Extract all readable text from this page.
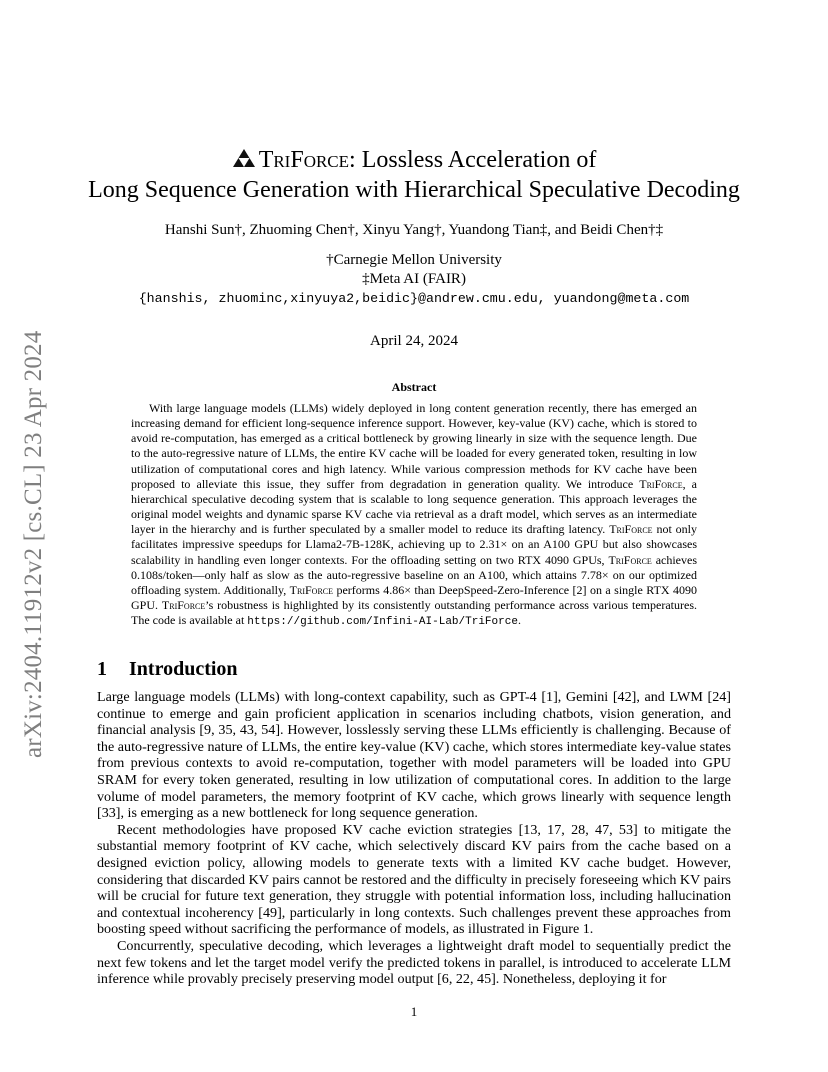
arXiv:2404.11912v2 [cs.CL] 23 Apr 2024
TriForce: Lossless Acceleration of
Long Sequence Generation with Hierarchical Speculative Decoding
Hanshi Sun†, Zhuoming Chen†, Xinyu Yang†, Yuandong Tian‡, and Beidi Chen†‡
†Carnegie Mellon University
‡Meta AI (FAIR)
{hanshis, zhuominc,xinyuya2,beidic}@andrew.cmu.edu, yuandong@meta.com
April 24, 2024
Abstract

With large language models (LLMs) widely deployed in long content generation recently, there has emerged an increasing demand for efficient long-sequence inference support. However, key-value (KV) cache, which is stored to avoid re-computation, has emerged as a critical bottleneck by growing linearly in size with the sequence length. Due to the auto-regressive nature of LLMs, the entire KV cache will be loaded for every generated token, resulting in low utilization of computational cores and high latency. While various compression methods for KV cache have been proposed to alleviate this issue, they suffer from degradation in generation quality. We introduce TriForce, a hierarchical speculative decoding system that is scalable to long sequence generation. This approach leverages the original model weights and dynamic sparse KV cache via retrieval as a draft model, which serves as an intermediate layer in the hierarchy and is further speculated by a smaller model to reduce its drafting latency. TriForce not only facilitates impressive speedups for Llama2-7B-128K, achieving up to 2.31× on an A100 GPU but also showcases scalability in handling even longer contexts. For the offloading setting on two RTX 4090 GPUs, TriForce achieves 0.108s/token—only half as slow as the auto-regressive baseline on an A100, which attains 7.78× on our optimized offloading system. Additionally, TriForce performs 4.86× than DeepSpeed-Zero-Inference [2] on a single RTX 4090 GPU. TriForce’s robustness is highlighted by its consistently outstanding performance across various temperatures. The code is available at https://github.com/Infini-AI-Lab/TriForce.

1 Introduction

Large language models (LLMs) with long-context capability, such as GPT-4 [1], Gemini [42], and LWM [24] continue to emerge and gain proficient application in scenarios including chatbots, vision generation, and financial analysis [9, 35, 43, 54]. However, losslessly serving these LLMs efficiently is challenging. Because of the auto-regressive nature of LLMs, the entire key-value (KV) cache, which stores intermediate key-value states from previous contexts to avoid re-computation, together with model parameters will be loaded into GPU SRAM for every token generated, resulting in low utilization of computational cores. In addition to the large volume of model parameters, the memory footprint of KV cache, which grows linearly with sequence length [33], is emerging as a new bottleneck for long sequence generation.

Recent methodologies have proposed KV cache eviction strategies [13, 17, 28, 47, 53] to mitigate the substantial memory footprint of KV cache, which selectively discard KV pairs from the cache based on a designed eviction policy, allowing models to generate texts with a limited KV cache budget. However, considering that discarded KV pairs cannot be restored and the difficulty in precisely foreseeing which KV pairs will be crucial for future text generation, they struggle with potential information loss, including hallucination and contextual incoherency [49], particularly in long contexts. Such challenges prevent these approaches from boosting speed without sacrificing the performance of models, as illustrated in Figure 1.

Concurrently, speculative decoding, which leverages a lightweight draft model to sequentially predict the next few tokens and let the target model verify the predicted tokens in parallel, is introduced to accelerate LLM inference while provably precisely preserving model output [6, 22, 45]. Nonetheless, deploying it for

1
